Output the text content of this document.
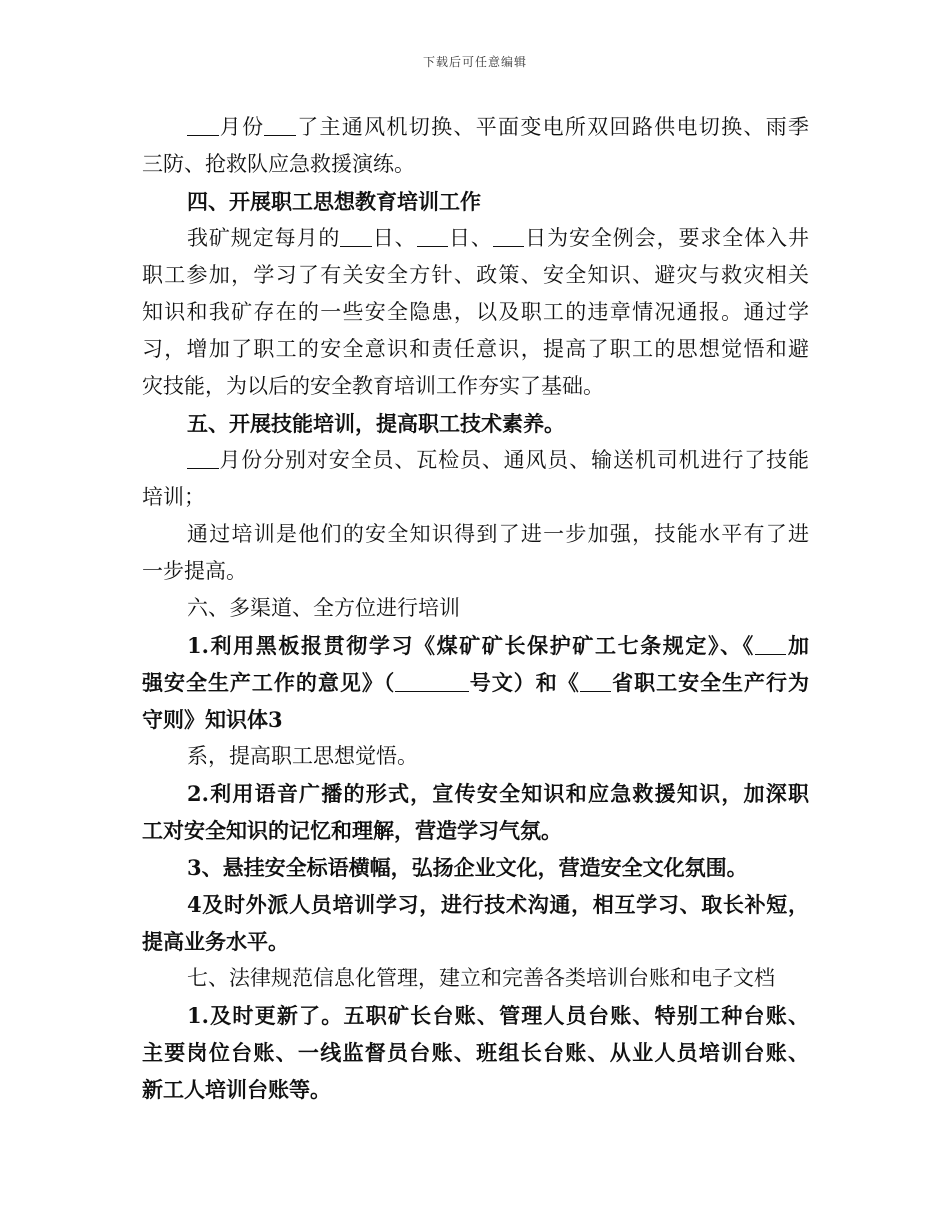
下载后可任意编辑
月份 了主通风机切换、平面变电所双回路供电切换、雨季
三防、抢救队应急救援演练。
四、开展职工思想教育培训工作
我矿规定每月的 日、 日、 日为安全例会，要求全体入井
职工参加，学习了有关安全方针、政策、安全知识、避灾与救灾相关
知识和我矿存在的一些安全隐患，以及职工的违章情况通报。通过学
习，增加了职工的安全意识和责任意识，提高了职工的思想觉悟和避
灾技能，为以后的安全教育培训工作夯实了基础。
五、开展技能培训，提高职工技术素养。
月份分别对安全员、瓦检员、通风员、输送机司机进行了技能
培训；
通过培训是他们的安全知识得到了进一步加强，技能水平有了进
一步提高。
六、多渠道、全方位进行培训
1.利用黑板报贯彻学习《煤矿矿长保护矿工七条规定》、《 加
强安全生产工作的意见》（	号文）和《 省职工安全生产行为
守则》知识体3
系，提高职工思想觉悟。
2.利用语音广播的形式，宣传安全知识和应急救援知识，加深职
工对安全知识的记忆和理解，营造学习气氛。
3、悬挂安全标语横幅，弘扬企业文化，营造安全文化氛围。
4及时外派人员培训学习，进行技术沟通，相互学习、取长补短，
提高业务水平。
七、法律规范信息化管理，建立和完善各类培训台账和电子文档
1.及时更新了。五职矿长台账、管理人员台账、特别工种台账、
主要岗位台账、一线监督员台账、班组长台账、从业人员培训台账、
新工人培训台账等。
